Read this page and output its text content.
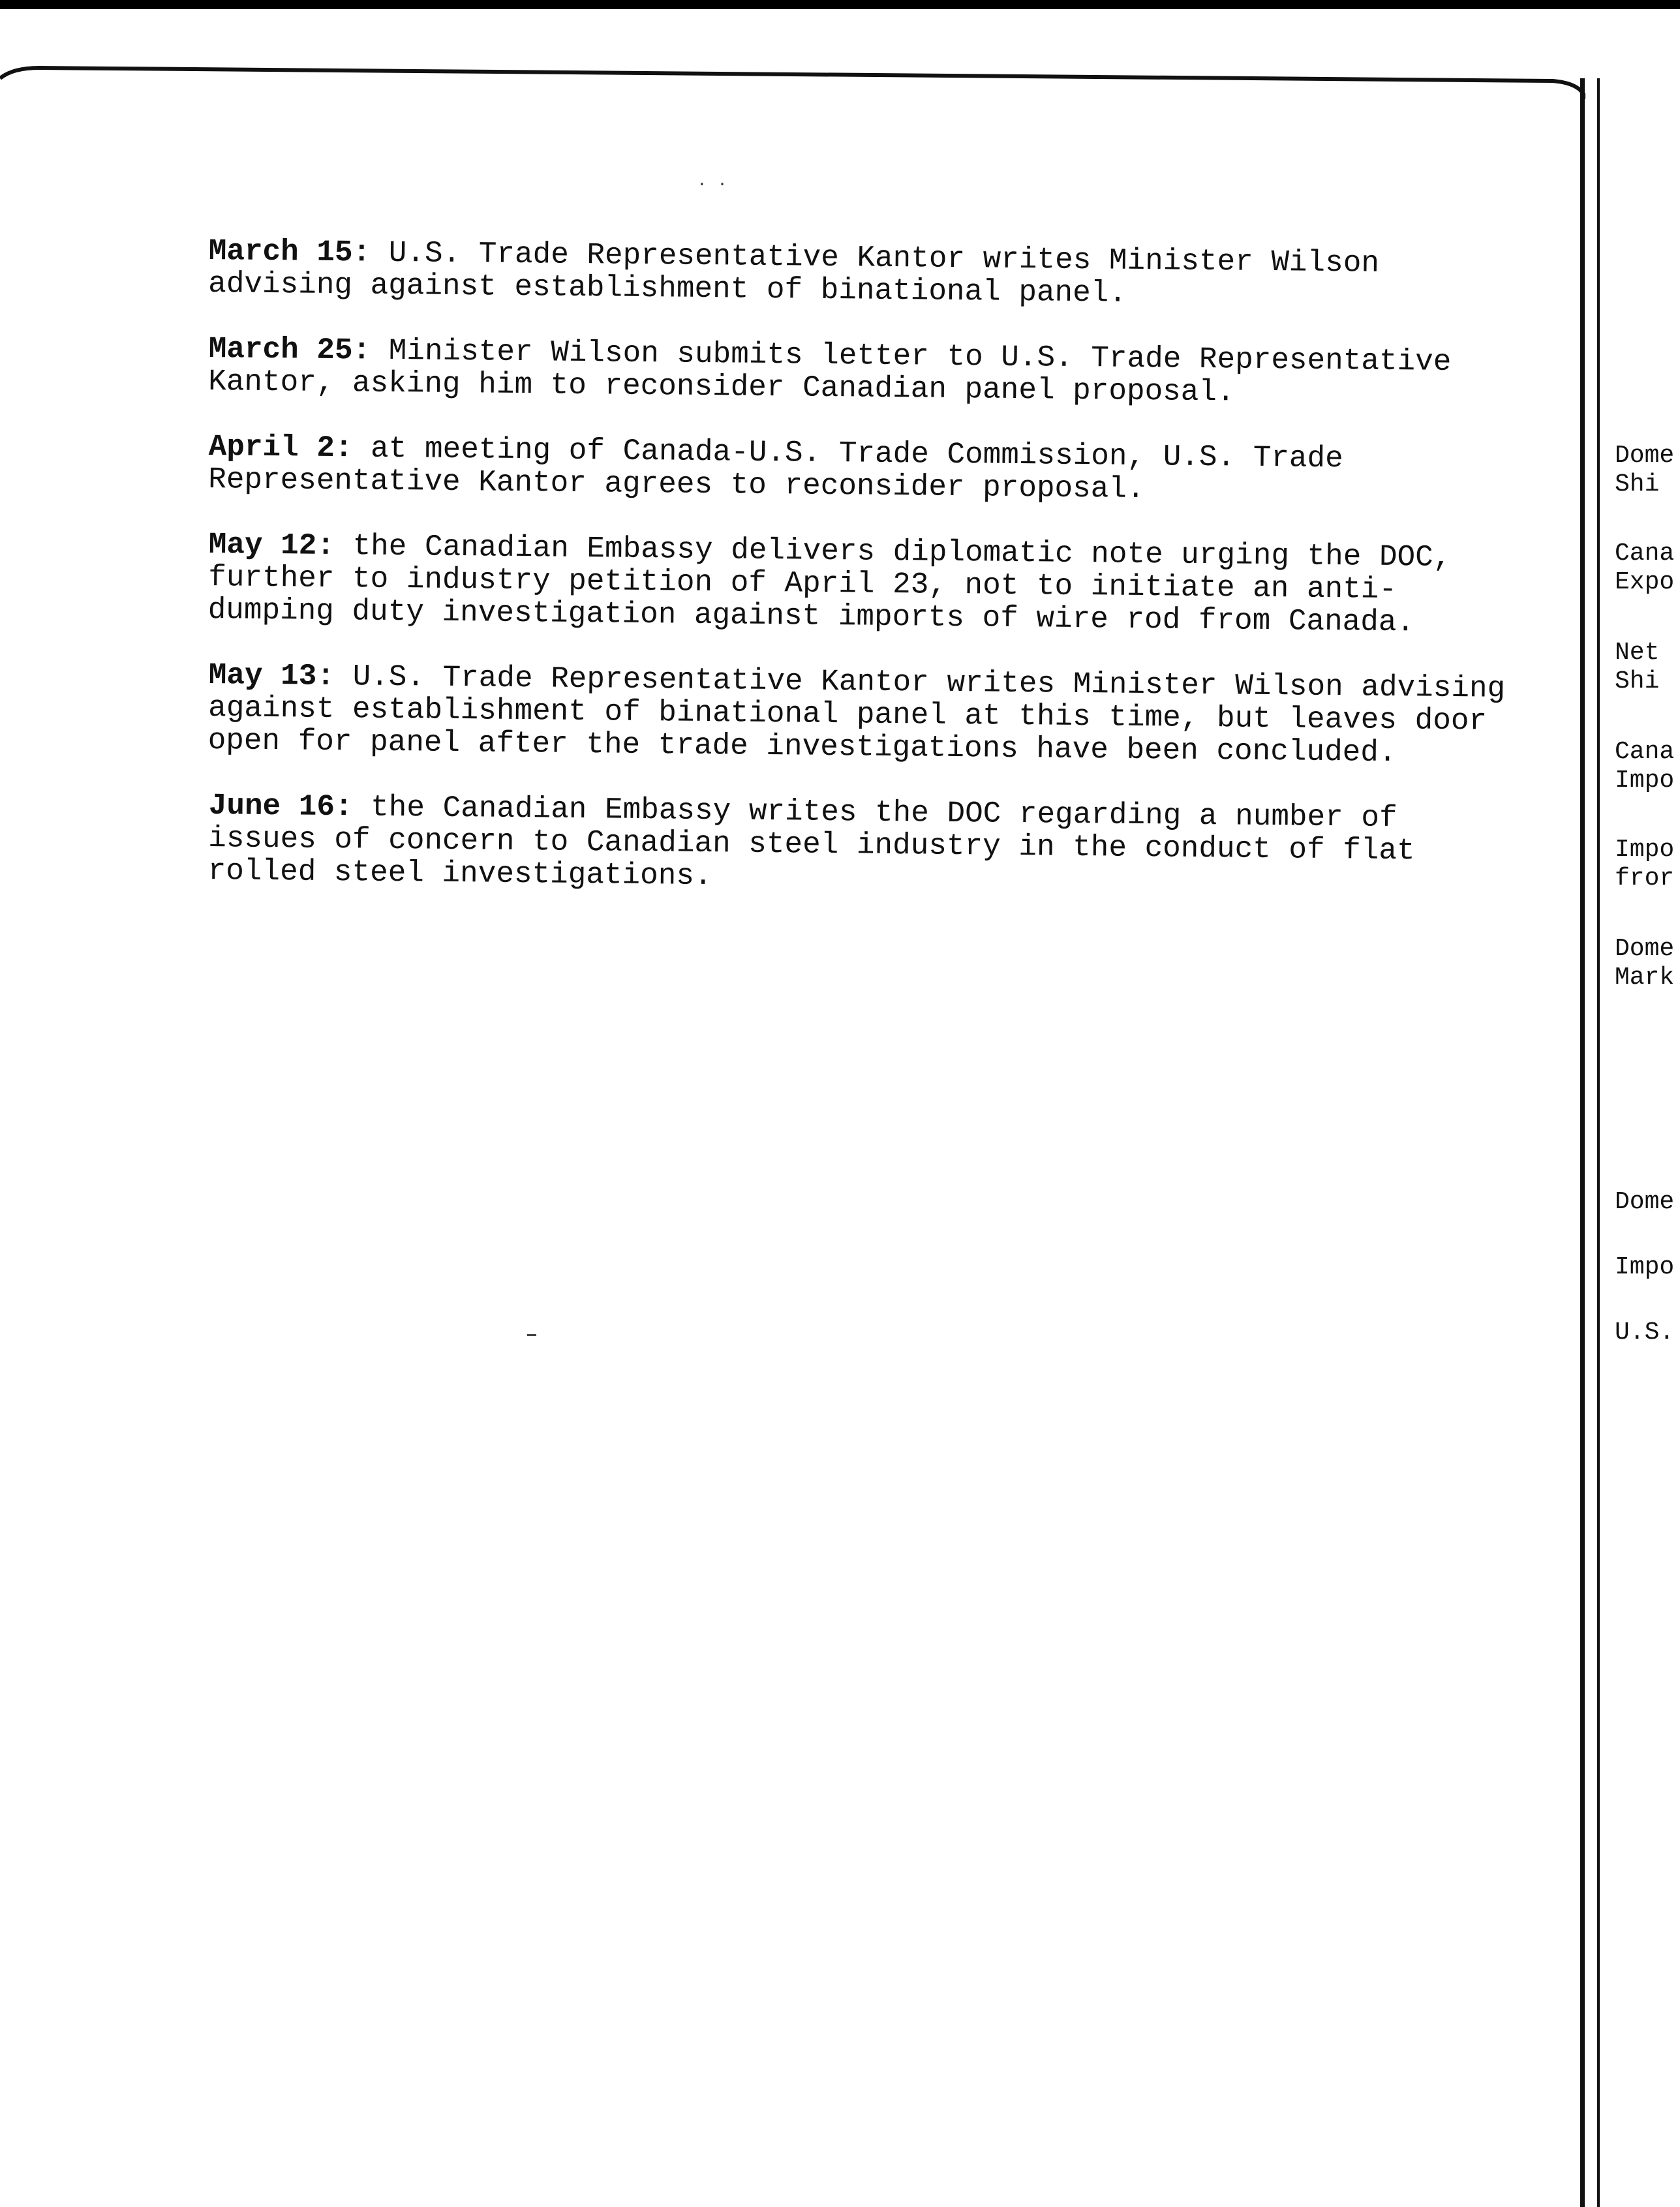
. .

March 15: U.S. Trade Representative Kantor writes Minister Wilson advising against establishment of binational panel.

March 25: Minister Wilson submits letter to U.S. Trade Representative Kantor, asking him to reconsider Canadian panel proposal.

April 2: at meeting of Canada-U.S. Trade Commission, U.S. Trade Representative Kantor agrees to reconsider proposal.

May 12: the Canadian Embassy delivers diplomatic note urging the DOC, further to industry petition of April 23, not to initiate an anti-dumping duty investigation against imports of wire rod from Canada.

May 13: U.S. Trade Representative Kantor writes Minister Wilson advising against establishment of binational panel at this time, but leaves door open for panel after the trade investigations have been concluded.

June 16: the Canadian Embassy writes the DOC regarding a number of issues of concern to Canadian steel industry in the conduct of flat rolled steel investigations.

Dome
Shi
Cana
Expo
Net
Shi
Cana
Impo
Impo
fror
Dome
Mark
Dome
Impo
U.S.
